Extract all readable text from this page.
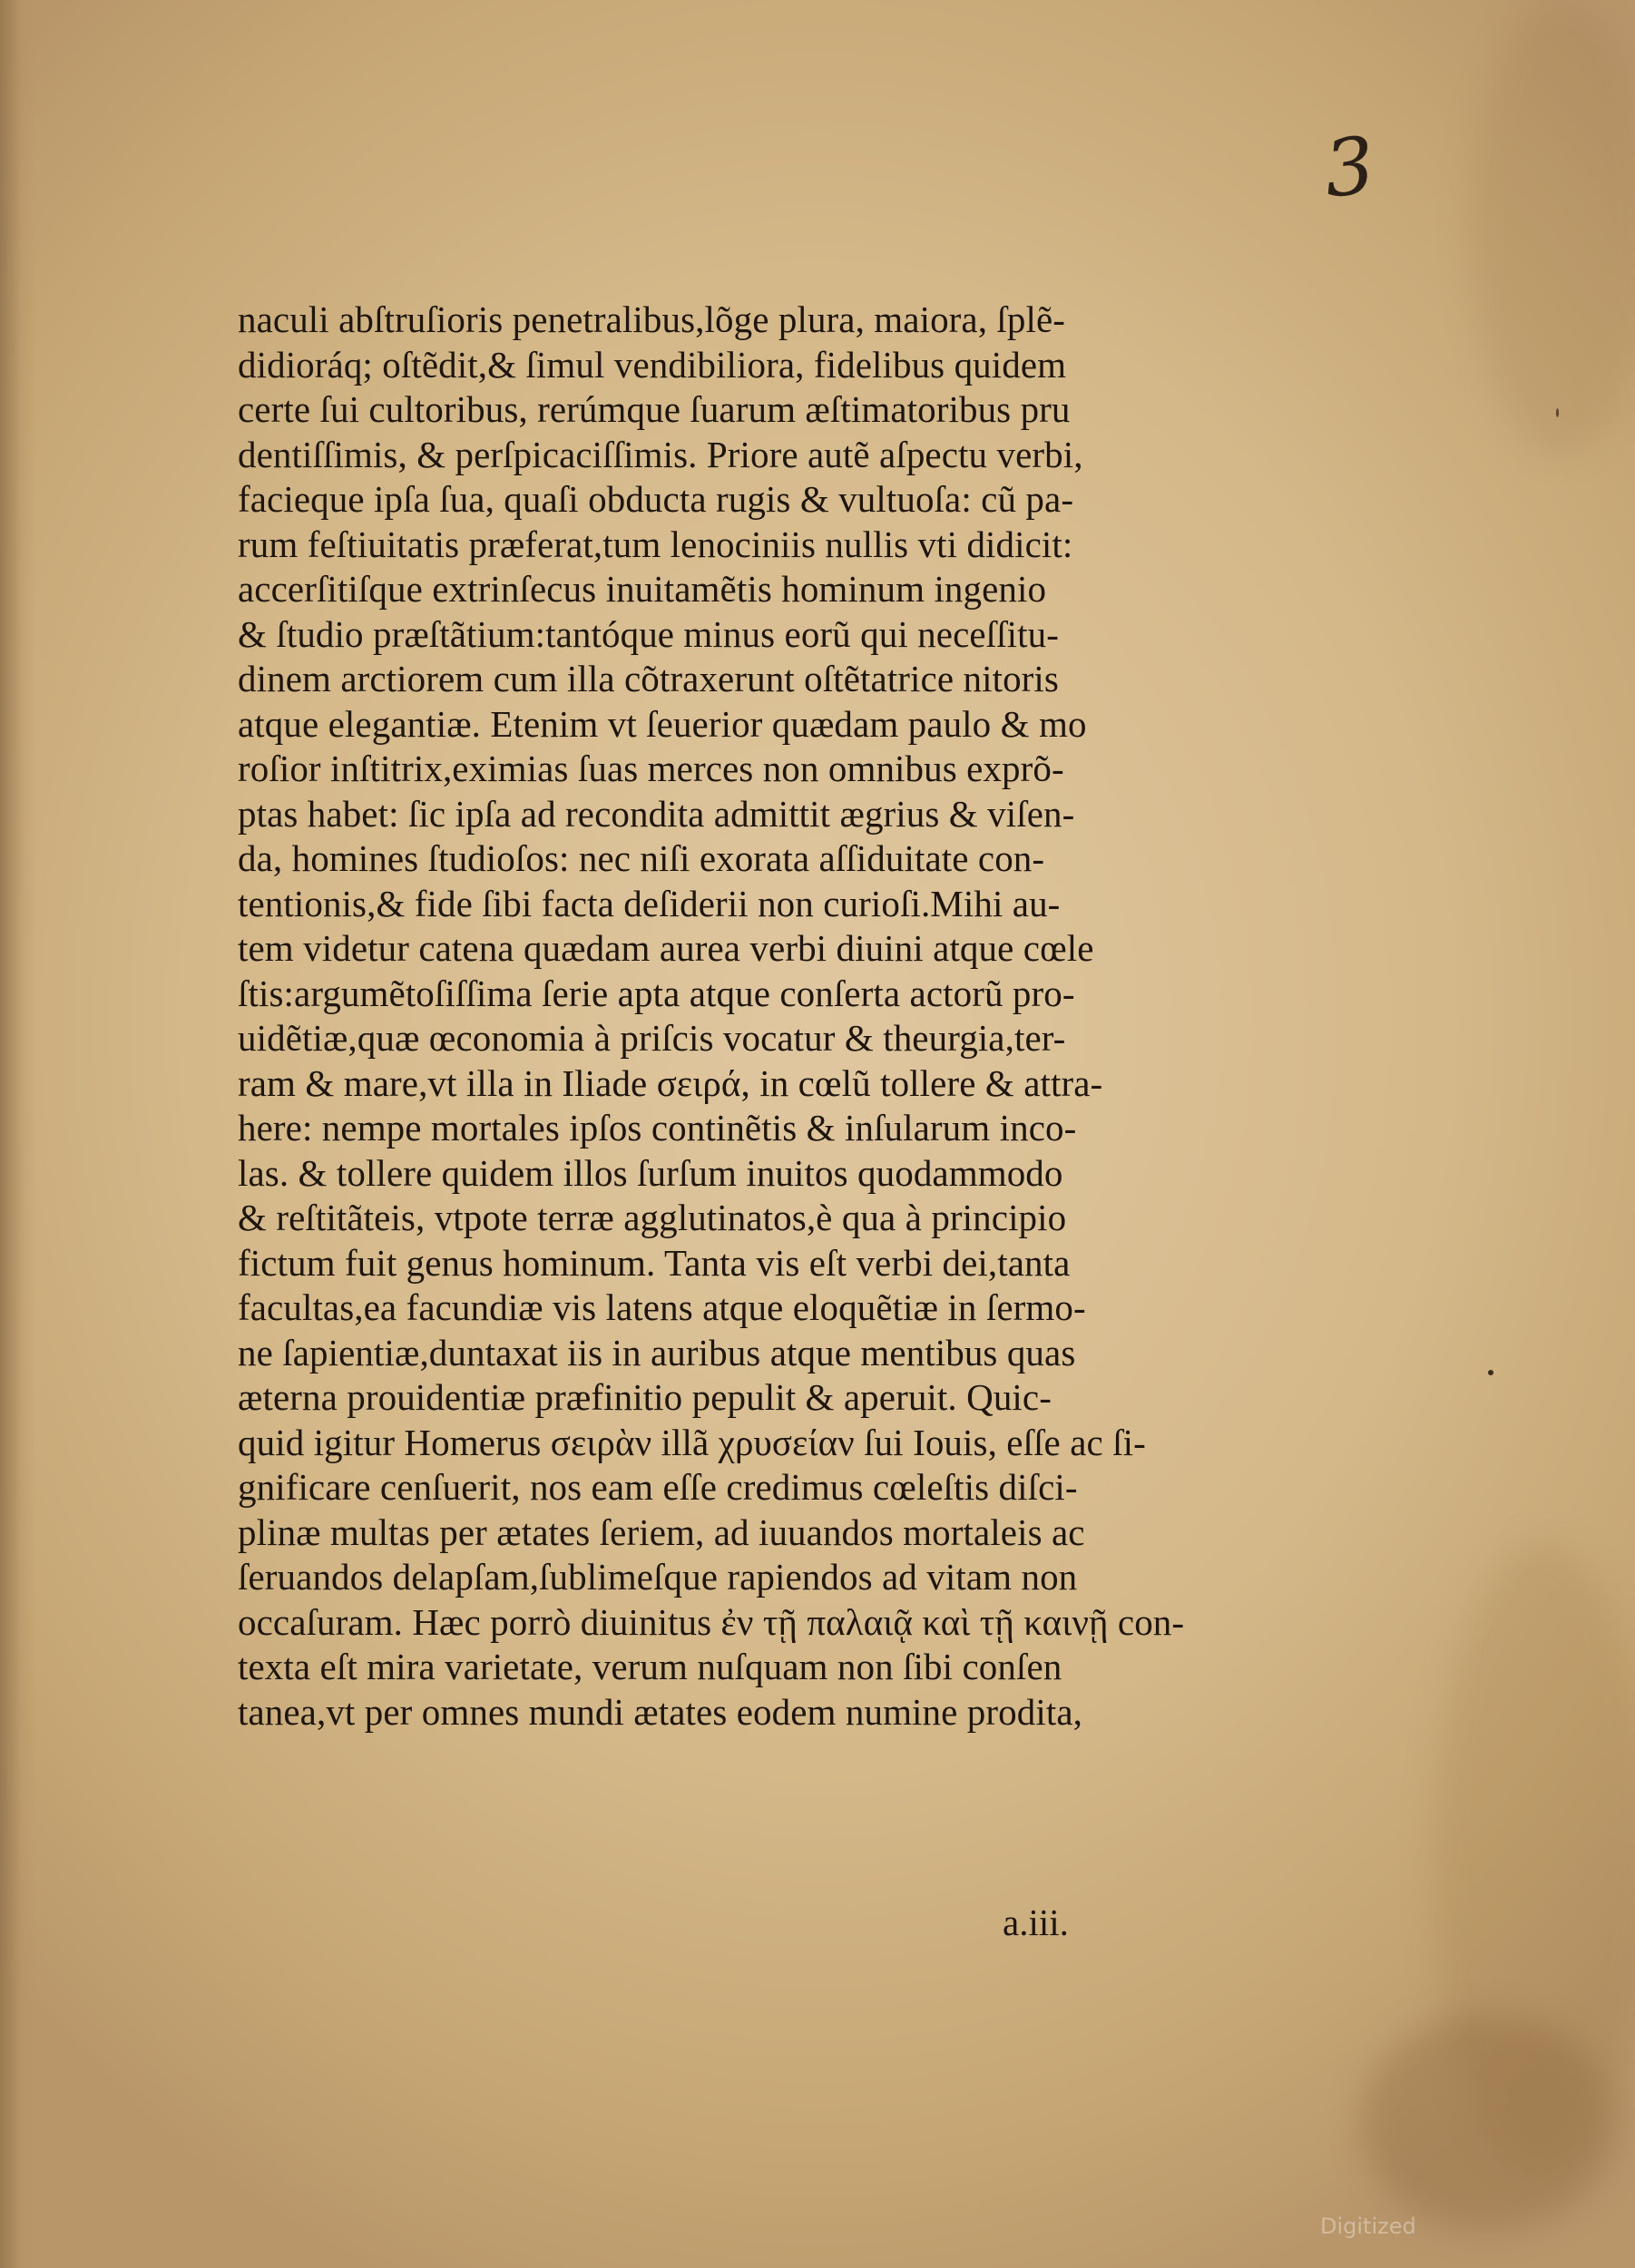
3
naculi abſtruſioris penetralibus,lõge plura, maiora, ſplẽ-
didioráq; oſtẽdit,& ſimul vendibiliora, fidelibus quidem
certe ſui cultoribus, rerúmque ſuarum æſtimatoribus pru
dentiſſimis, & perſpicaciſſimis. Priore autẽ aſpectu verbi,
facieque ipſa ſua, quaſi obducta rugis & vultuoſa: cũ pa-
rum feſtiuitatis præferat,tum lenociniis nullis vti didicit:
accerſitiſque extrinſecus inuitamẽtis hominum ingenio
& ſtudio præſtãtium:tantóque minus eorũ qui neceſſitu-
dinem arctiorem cum illa cõtraxerunt oſtẽtatrice nitoris
atque elegantiæ. Etenim vt ſeuerior quædam paulo & mo
roſior inſtitrix,eximias ſuas merces non omnibus exprõ-
ptas habet: ſic ipſa ad recondita admittit ægrius & viſen-
da, homines ſtudioſos: nec niſi exorata aſſiduitate con-
tentionis,& fide ſibi facta deſiderii non curioſi.Mihi au-
tem videtur catena quædam aurea verbi diuini atque cœle
ſtis:argumẽtoſiſſima ſerie apta atque conſerta actorũ pro-
uidẽtiæ,quæ œconomia à priſcis vocatur & theurgia,ter-
ram & mare,vt illa in Iliade σειρά, in cœlũ tollere & attra-
here: nempe mortales ipſos continẽtis & inſularum inco-
las. & tollere quidem illos ſurſum inuitos quodammodo
& reſtitãteis, vtpote terræ agglutinatos,è qua à principio
fictum fuit genus hominum. Tanta vis eſt verbi dei,tanta
facultas,ea facundiæ vis latens atque eloquẽtiæ in ſermo-
ne ſapientiæ,duntaxat iis in auribus atque mentibus quas
æterna prouidentiæ præfinitio pepulit & aperuit. Quic-
quid igitur Homerus σειρὰν illã χρυσείαν ſui Iouis, eſſe ac ſi-
gnificare cenſuerit, nos eam eſſe credimus cœleſtis diſci-
plinæ multas per ætates ſeriem, ad iuuandos mortaleis ac
ſeruandos delapſam,ſublimeſque rapiendos ad vitam non
occaſuram. Hæc porrò diuinitus ἐν τῇ παλαιᾷ καὶ τῇ καινῇ con-
texta eſt mira varietate, verum nuſquam non ſibi conſen
tanea,vt per omnes mundi ætates eodem numine prodita,
a.iii.
Digitized
